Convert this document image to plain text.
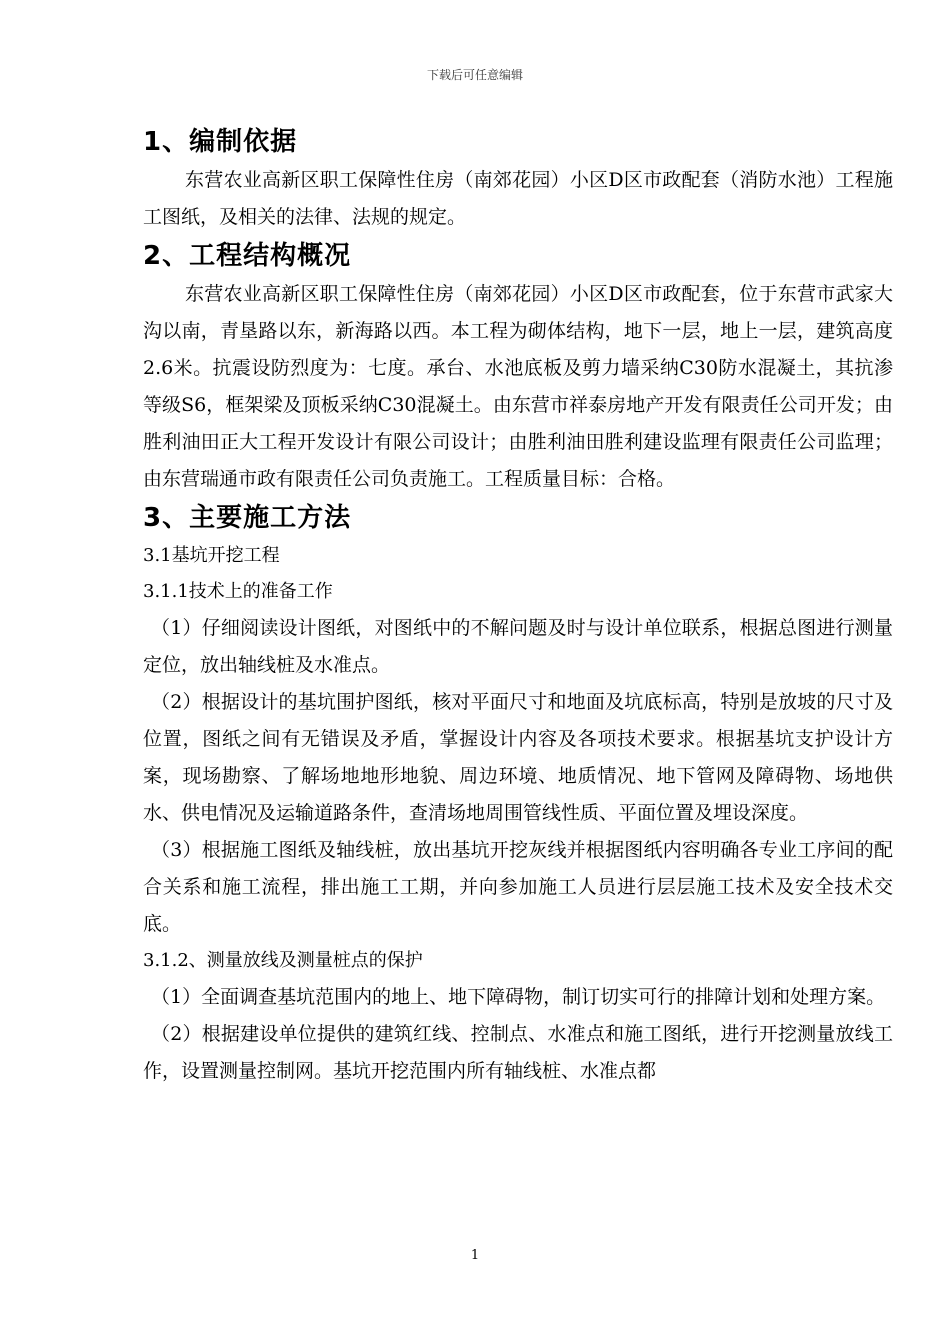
下载后可任意编辑
1、编制依据

东营农业高新区职工保障性住房（南郊花园）小区D区市政配套（消防水池）工程施工图纸，及相关的法律、法规的规定。

2、工程结构概况

东营农业高新区职工保障性住房（南郊花园）小区D区市政配套，位于东营市武家大沟以南，青垦路以东，新海路以西。本工程为砌体结构，地下一层，地上一层，建筑高度2.6米。抗震设防烈度为：七度。承台、水池底板及剪力墙采纳C30防水混凝土，其抗渗等级S6，框架梁及顶板采纳C30混凝土。由东营市祥泰房地产开发有限责任公司开发；由胜利油田正大工程开发设计有限公司设计；由胜利油田胜利建设监理有限责任公司监理；由东营瑞通市政有限责任公司负责施工。工程质量目标：合格。

3、主要施工方法

3.1基坑开挖工程

3.1.1技术上的准备工作

（1）仔细阅读设计图纸，对图纸中的不解问题及时与设计单位联系，根据总图进行测量定位，放出轴线桩及水准点。

（2）根据设计的基坑围护图纸，核对平面尺寸和地面及坑底标高，特别是放坡的尺寸及位置，图纸之间有无错误及矛盾，掌握设计内容及各项技术要求。根据基坑支护设计方案，现场勘察、了解场地地形地貌、周边环境、地质情况、地下管网及障碍物、场地供水、供电情况及运输道路条件，查清场地周围管线性质、平面位置及埋设深度。

（3）根据施工图纸及轴线桩，放出基坑开挖灰线并根据图纸内容明确各专业工序间的配合关系和施工流程，排出施工工期，并向参加施工人员进行层层施工技术及安全技术交底。

3.1.2、测量放线及测量桩点的保护

（1）全面调查基坑范围内的地上、地下障碍物，制订切实可行的排障计划和处理方案。

（2）根据建设单位提供的建筑红线、控制点、水准点和施工图纸，进行开挖测量放线工作，设置测量控制网。基坑开挖范围内所有轴线桩、水准点都

1
